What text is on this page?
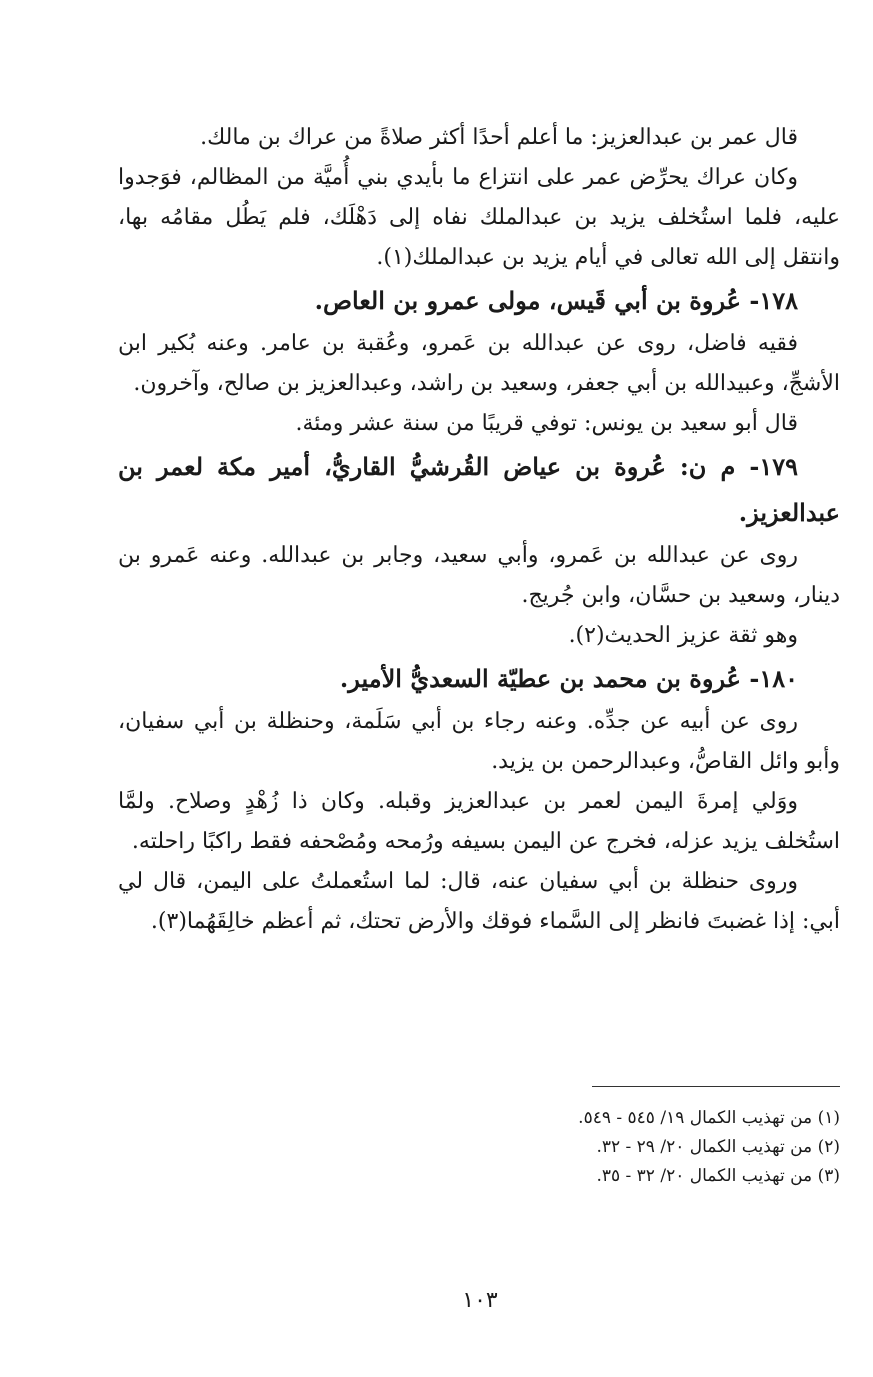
قال عمر بن عبدالعزيز: ما أعلم أحدًا أكثر صلاةً من عراك بن مالك.

وكان عراك يحرِّض عمر على انتزاع ما بأيدي بني أُميَّة من المظالم، فوَجدوا عليه، فلما استُخلف يزيد بن عبدالملك نفاه إلى دَهْلَك، فلم يَطُل مقامُه بها، وانتقل إلى الله تعالى في أيام يزيد بن عبدالملك(١).

١٧٨- عُروة بن أبي قَيس، مولى عمرو بن العاص.

فقيه فاضل، روى عن عبدالله بن عَمرو، وعُقبة بن عامر. وعنه بُكير ابن الأشجِّ، وعبيدالله بن أبي جعفر، وسعيد بن راشد، وعبدالعزيز بن صالح، وآخرون.

قال أبو سعيد بن يونس: توفي قريبًا من سنة عشر ومئة.

١٧٩- م ن: عُروة بن عياض القُرشيُّ القاريُّ، أمير مكة لعمر بن عبدالعزيز.

روى عن عبدالله بن عَمرو، وأبي سعيد، وجابر بن عبدالله. وعنه عَمرو بن دينار، وسعيد بن حسَّان، وابن جُريج.

وهو ثقة عزيز الحديث(٢).

١٨٠- عُروة بن محمد بن عطيّة السعديُّ الأمير.

روى عن أبيه عن جدِّه. وعنه رجاء بن أبي سَلَمة، وحنظلة بن أبي سفيان، وأبو وائل القاصُّ، وعبدالرحمن بن يزيد.

ووَلي إمرةَ اليمن لعمر بن عبدالعزيز وقبله. وكان ذا زُهْدٍ وصلاح. ولمَّا استُخلف يزيد عزله، فخرج عن اليمن بسيفه ورُمحه ومُصْحفه فقط راكبًا راحلته.

وروى حنظلة بن أبي سفيان عنه، قال: لما استُعملتُ على اليمن، قال لي أبي: إذا غضبتَ فانظر إلى السَّماء فوقك والأرض تحتك، ثم أعظم خالِقَهُما(٣).

(١) من تهذيب الكمال ١٩/ ٥٤٥ - ٥٤٩.

(٢) من تهذيب الكمال ٢٠/ ٢٩ - ٣٢.

(٣) من تهذيب الكمال ٢٠/ ٣٢ - ٣٥.

١٠٣
